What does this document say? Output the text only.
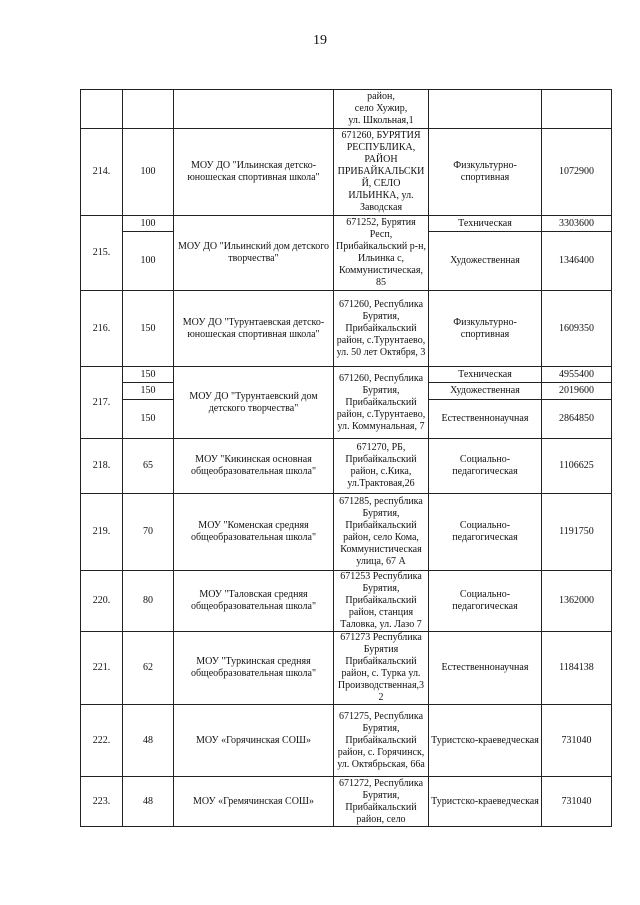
19
			район,
село Хужир,
ул. Школьная,1		
214.	100	МОУ ДО "Ильинская детско-юношеская спортивная школа"	671260, БУРЯТИЯ РЕСПУБЛИКА, РАЙОН ПРИБАЙКАЛЬСКИ Й, СЕЛО ИЛЬИНКА, ул. Заводская	Физкультурно-спортивная	1072900
215.	100	МОУ ДО "Ильинский дом детского творчества"	671252, Бурятия Респ, Прибайкальский р-н, Ильинка с, Коммунистическая, 85	Техническая	3303600
	100			Художественная	1346400
216.	150	МОУ ДО "Турунтаевская детско-юношеская спортивная школа"	671260, Республика Бурятия, Прибайкальский район, с.Турунтаево, ул. 50 лет Октября, 3	Физкультурно-спортивная	1609350
217.	150	МОУ ДО "Турунтаевский дом детского творчества"	671260, Республика Бурятия, Прибайкальский район, с.Турунтаево, ул. Коммунальная, 7	Техническая	4955400
	150			Художественная	2019600
	150			Естественнонаучная	2864850
218.	65	МОУ "Кикинская основная общеобразовательная школа"	671270, РБ, Прибайкальский район, с.Кика, ул.Трактовая,26	Социально-педагогическая	1106625
219.	70	МОУ "Коменская средняя общеобразовательная школа"	671285, республика Бурятия, Прибайкальский район, село Кома, Коммунистическая улица, 67 А	Социально-педагогическая	1191750
220.	80	МОУ "Таловская средняя общеобразовательная школа"	671253 Республика Бурятия, Прибайкальский район, станция Таловка, ул. Лазо 7	Социально-педагогическая	1362000
221.	62	МОУ "Туркинская средняя общеобразовательная школа"	671273 Республика Бурятия Прибайкальский район, с. Турка ул. Производственная,3 2	Естественнонаучная	1184138
222.	48	МОУ «Горячинская СОШ»	671275, Республика Бурятия, Прибайкальский район, с. Горячинск, ул. Октябрьская, 66а	Туристско-краеведческая	731040
223.	48	МОУ «Гремячинская СОШ»	671272, Республика Бурятия, Прибайкальский район, село	Туристско-краеведческая	731040
